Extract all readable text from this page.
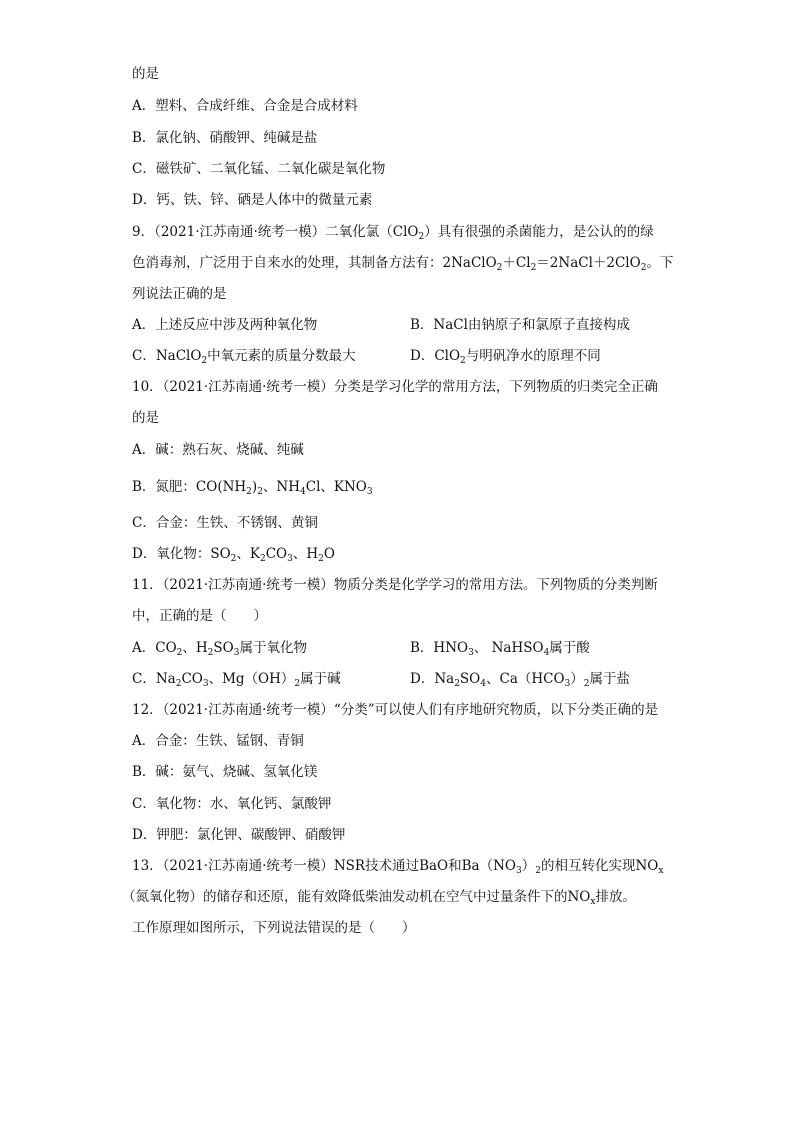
的是
A．塑料、合成纤维、合金是合成材料
B．氯化钠、硝酸钾、纯碱是盐
C．磁铁矿、二氧化锰、二氧化碳是氧化物
D．钙、铁、锌、硒是人体中的微量元素
9．（2021·江苏南通·统考一模）二氧化氯（ClO$_2$）具有很强的杀菌能力，是公认的的绿
色消毒剂，广泛用于自来水的处理，其制备方法有：$2NaClO_2+Cl_2=2NaCl+2ClO_2$。下
列说法正确的是
A．上述反应中涉及两种氧化物	B．NaCl由钠原子和氯原子直接构成
C．NaClO$_2$中氧元素的质量分数最大	D．ClO$_2$与明矾净水的原理不同
10．（2021·江苏南通·统考一模）分类是学习化学的常用方法，下列物质的归类完全正确
的是
A．碱：熟石灰、烧碱、纯碱
B．氮肥：$CO(NH_2)_2$、$NH_4Cl$、$KNO_3$
C．合金：生铁、不锈钢、黄铜
D．氧化物：$SO_2$、$K_2CO_3$、$H_2O$
11．（2021·江苏南通·统考一模）物质分类是化学学习的常用方法。下列物质的分类判断
中，正确的是（　　）
A．$CO_2$、$H_2SO_3$属于氧化物	B．$HNO_3$、 NaHSO$_4$属于酸
C．$Na_2CO_3$、$Mg(OH)_2$属于碱	D．$Na_2SO_4$、$Ca(HCO_3)_2$属于盐
12．（2021·江苏南通·统考一模）“分类”可以使人们有序地研究物质，以下分类正确的是
A．合金：生铁、锰钢、青铜
B．碱：氨气、烧碱、氢氧化镁
C．氧化物：水、氧化钙、氯酸钾
D．钾肥：氯化钾、碳酸钾、硝酸钾
13．（2021·江苏南通·统考一模）NSR技术通过BaO和$Ba(NO_3)_2$的相互转化实现$NO_x$
（氮氧化物）的储存和还原，能有效降低柴油发动机在空气中过量条件下的$NO_x$排放。
工作原理如图所示，下列说法错误的是（　　）
